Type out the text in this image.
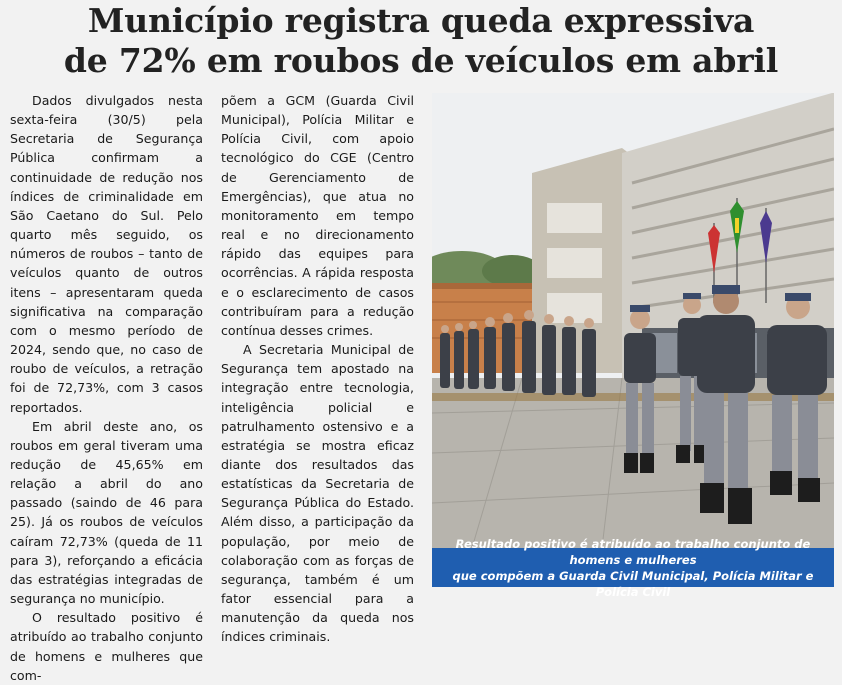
Município registra queda expressiva
de 72% em roubos de veículos em abril

Dados divulgados nesta sexta-feira (30/5) pela Secretaria de Segurança Pública confirmam a continuidade de redução nos índices de criminalidade em São Caetano do Sul. Pelo quarto mês seguido, os números de roubos – tanto de veículos quanto de outros itens – apresentaram queda significativa na comparação com o mesmo período de 2024, sendo que, no caso de roubo de veículos, a retração foi de 72,73%, com 3 casos reportados.

Em abril deste ano, os roubos em geral tiveram uma redução de 45,65% em relação a abril do ano passado (saindo de 46 para 25). Já os roubos de veículos caíram 72,73% (queda de 11 para 3), reforçando a eficácia das estratégias integradas de segurança no município.

O resultado positivo é atribuído ao trabalho conjunto de homens e mulheres que com-

põem a GCM (Guarda Civil Municipal), Polícia Militar e Polícia Civil, com apoio tecnológico do CGE (Centro de Gerenciamento de Emergências), que atua no monitoramento em tempo real e no direcionamento rápido das equipes para ocorrências. A rápida resposta e o esclarecimento de casos contribuíram para a redução contínua desses crimes.

A Secretaria Municipal de Segurança tem apostado na integração entre tecnologia, inteligência policial e patrulhamento ostensivo e a estratégia se mostra eficaz diante dos resultados das estatísticas da Secretaria de Segurança Pública do Estado. Além disso, a participação da população, por meio de colaboração com as forças de segurança, também é um fator essencial para a manutenção da queda nos índices criminais.

Resultado positivo é atribuído ao trabalho conjunto de homens e mulheres
que compõem a Guarda Civil Municipal, Polícia Militar e Polícia Civil
